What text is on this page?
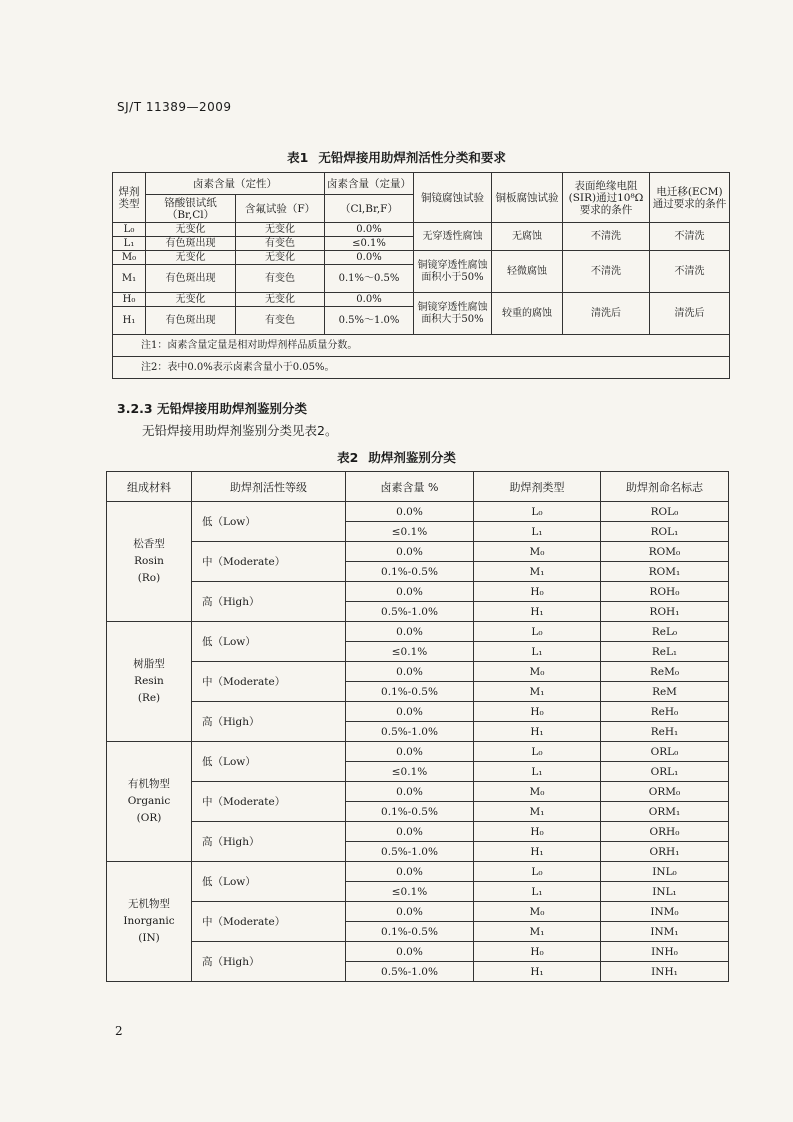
SJ/T 11389—2009
表1 无铅焊接用助焊剂活性分类和要求
焊剂类型	卤素含量（定性）		卤素含量（定量）	铜镜腐蚀试验	铜板腐蚀试验	表面绝缘电阻(SIR)通过10⁸Ω要求的条件	电迁移(ECM)通过要求的条件
	铬酸银试纸（Br,Cl）	含氟试验（F）	（Cl,Br,F）				
L₀	无变化	无变化	0.0%	无穿透性腐蚀	无腐蚀	不清洗	不清洗
L₁	有色斑出现	有变色	≤0.1%				
M₀	无变化	无变化	0.0%	铜镜穿透性腐蚀面积小于50%	轻微腐蚀	不清洗	不清洗
M₁	有色斑出现	有变色	0.1%～0.5%				
H₀	无变化	无变化	0.0%	铜镜穿透性腐蚀面积大于50%	较重的腐蚀	清洗后	清洗后
H₁	有色斑出现	有变色	0.5%～1.0%				
注1：卤素含量定量是相对助焊剂样品质量分数。							
注2：表中0.0%表示卤素含量小于0.05%。							
3.2.3 无铅焊接用助焊剂鉴别分类
无铅焊接用助焊剂鉴别分类见表2。
表2 助焊剂鉴别分类
组成材料	助焊剂活性等级	卤素含量 %	助焊剂类型	助焊剂命名标志

松香型
Rosin
(Ro)	低（Low）	0.0%	L₀	ROL₀
		≤0.1%	L₁	ROL₁
	中（Moderate）	0.0%	M₀	ROM₀
		0.1%-0.5%	M₁	ROM₁
	高（High）	0.0%	H₀	ROH₀
		0.5%-1.0%	H₁	ROH₁

树脂型
Resin
(Re)	低（Low）	0.0%	L₀	ReL₀
		≤0.1%	L₁	ReL₁
	中（Moderate）	0.0%	M₀	ReM₀
		0.1%-0.5%	M₁	ReM
	高（High）	0.0%	H₀	ReH₀
		0.5%-1.0%	H₁	ReH₁

有机物型
Organic
(OR)	低（Low）	0.0%	L₀	ORL₀
		≤0.1%	L₁	ORL₁
	中（Moderate）	0.0%	M₀	ORM₀
		0.1%-0.5%	M₁	ORM₁
	高（High）	0.0%	H₀	ORH₀
		0.5%-1.0%	H₁	ORH₁

无机物型
Inorganic
(IN)	低（Low）	0.0%	L₀	INL₀
		≤0.1%	L₁	INL₁
	中（Moderate）	0.0%	M₀	INM₀
		0.1%-0.5%	M₁	INM₁
	高（High）	0.0%	H₀	INH₀
		0.5%-1.0%	H₁	INH₁
2
